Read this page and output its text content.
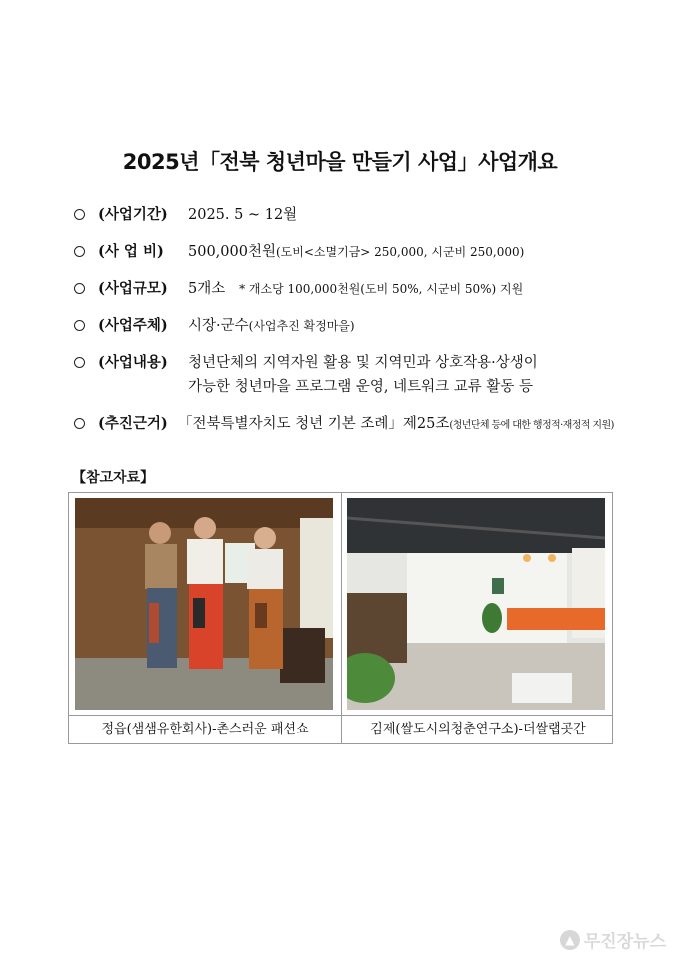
2025년「전북 청년마을 만들기 사업」사업개요
(사업기간) 2025. 5 ~ 12월
(사 업 비) 500,000천원(도비<소멸기금> 250,000, 시군비 250,000)
(사업규모) 5개소 * 개소당 100,000천원(도비 50%, 시군비 50%) 지원
(사업주체) 시장·군수(사업추진 확정마을)
(사업내용) 청년단체의 지역자원 활용 및 지역민과 상호작용·상생이
가능한 청년마을 프로그램 운영, 네트워크 교류 활동 등
(추진근거) 「전북특별자치도 청년 기본 조례」제25조(청년단체 등에 대한 행정적·재정적 지원)
【참고자료】
정읍(샘샘유한회사)-촌스러운 패션쇼	김제(쌀도시의청춘연구소)-더쌀랩곳간
▲ 무진장뉴스
